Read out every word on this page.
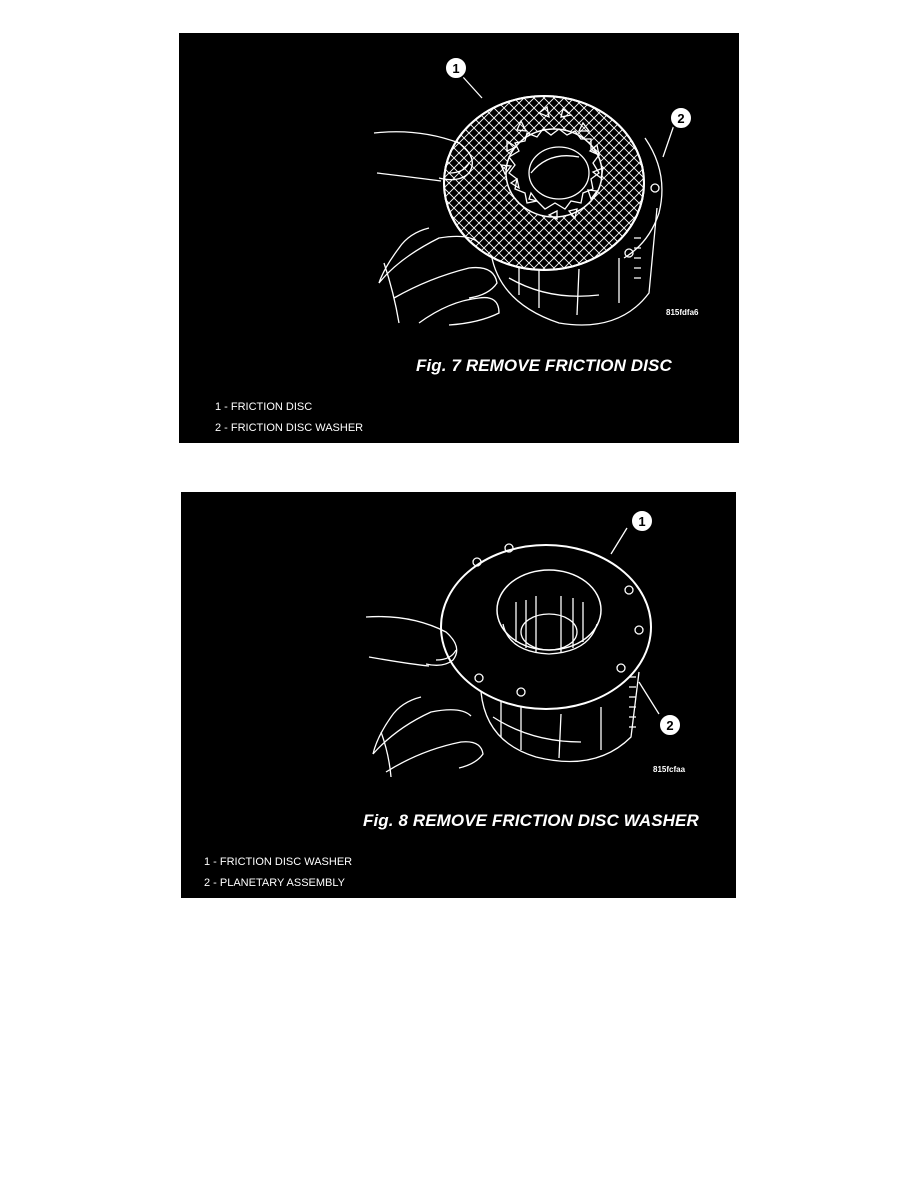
1
2
815fdfa6
Fig. 7 REMOVE FRICTION DISC
1 - FRICTION DISC
2 - FRICTION DISC WASHER
1
2
815fcfaa
Fig. 8 REMOVE FRICTION DISC WASHER
1 - FRICTION DISC WASHER
2 - PLANETARY ASSEMBLY
